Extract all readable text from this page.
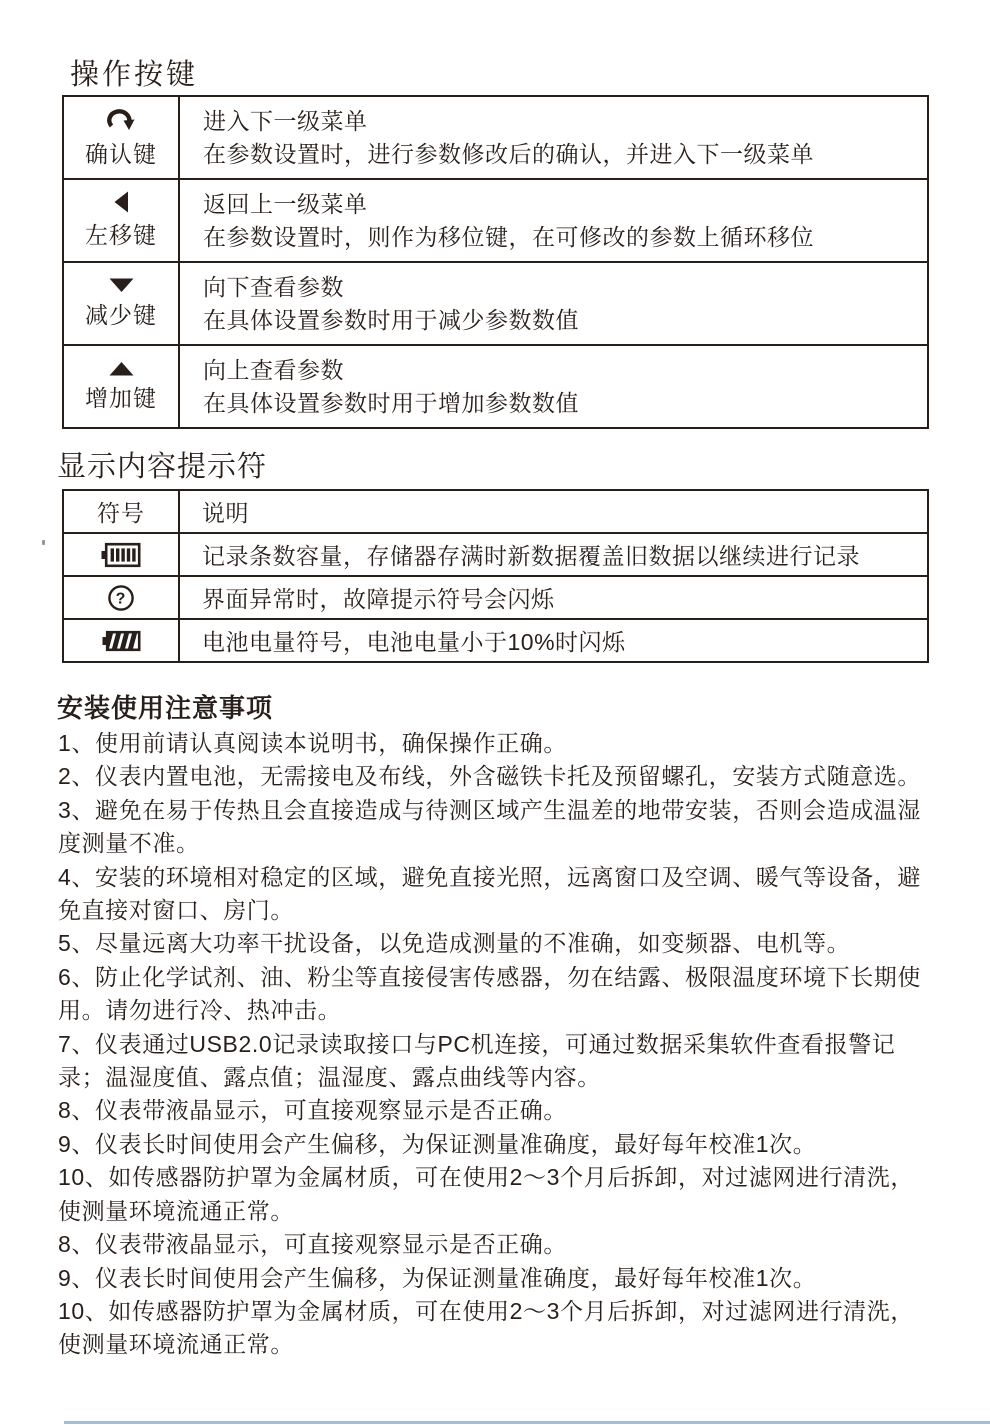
操作按键
确认键
进入下一级菜单
在参数设置时，进行参数修改后的确认，并进入下一级菜单
左移键
返回上一级菜单
在参数设置时，则作为移位键，在可修改的参数上循环移位
减少键
向下查看参数
在具体设置参数时用于减少参数数值
增加键
向上查看参数
在具体设置参数时用于增加参数数值
显示内容提示符
符号	说明
记录条数容量，存储器存满时新数据覆盖旧数据以继续进行记录
?	界面异常时，故障提示符号会闪烁
电池电量符号，电池电量小于10%时闪烁
安装使用注意事项

1、使用前请认真阅读本说明书，确保操作正确。

2、仪表内置电池，无需接电及布线，外含磁铁卡托及预留螺孔，安装方式随意选。

3、避免在易于传热且会直接造成与待测区域产生温差的地带安装，否则会造成温湿度测量不准。

4、安装的环境相对稳定的区域，避免直接光照，远离窗口及空调、暖气等设备，避免直接对窗口、房门。

5、尽量远离大功率干扰设备，以免造成测量的不准确，如变频器、电机等。

6、防止化学试剂、油、粉尘等直接侵害传感器，勿在结露、极限温度环境下长期使用。请勿进行冷、热冲击。

7、仪表通过USB2.0记录读取接口与PC机连接，可通过数据采集软件查看报警记录；温湿度值、露点值；温湿度、露点曲线等内容。

8、仪表带液晶显示，可直接观察显示是否正确。

9、仪表长时间使用会产生偏移，为保证测量准确度，最好每年校准1次。

10、如传感器防护罩为金属材质，可在使用2～3个月后拆卸，对过滤网进行清洗，使测量环境流通正常。

8、仪表带液晶显示，可直接观察显示是否正确。

9、仪表长时间使用会产生偏移，为保证测量准确度，最好每年校准1次。

10、如传感器防护罩为金属材质，可在使用2～3个月后拆卸，对过滤网进行清洗，使测量环境流通正常。
